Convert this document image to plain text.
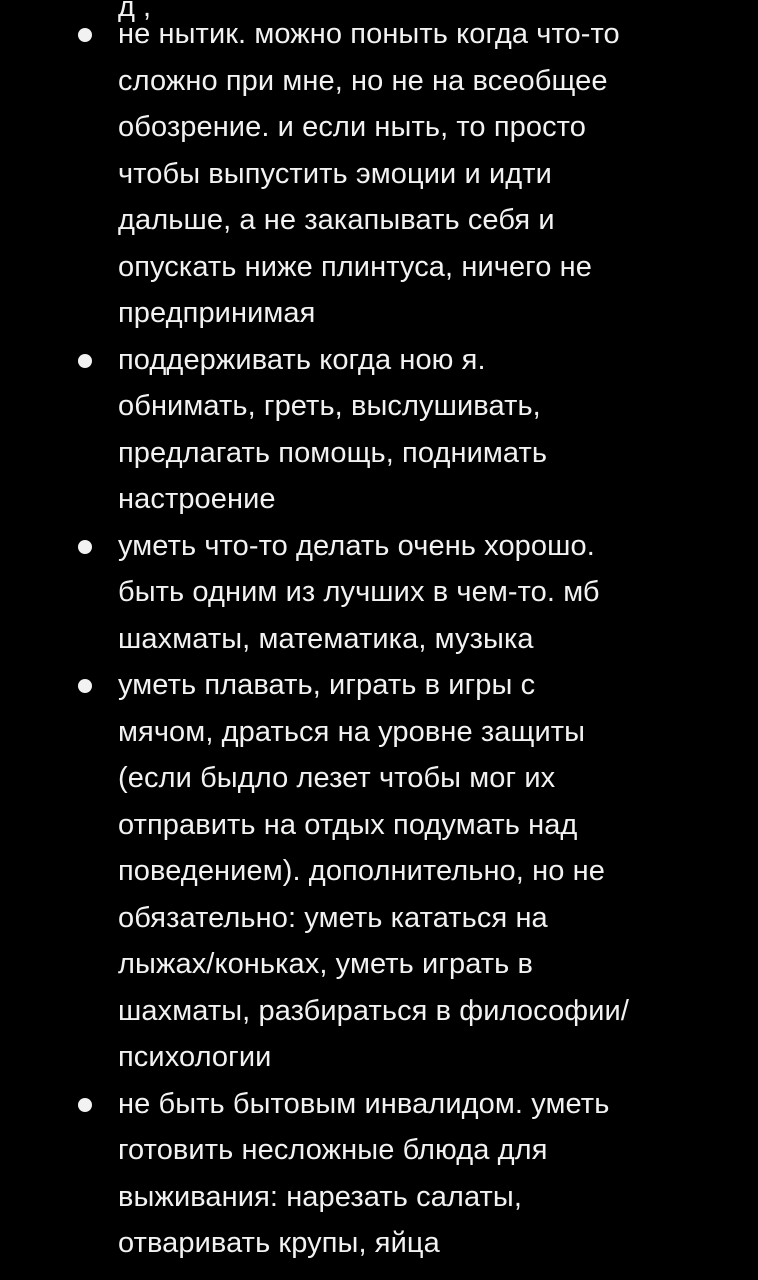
д ,
не нытик. можно поныть когда что-то
сложно при мне, но не на всеобщее
обозрение. и если ныть, то просто
чтобы выпустить эмоции и идти
дальше, а не закапывать себя и
опускать ниже плинтуса, ничего не
предпринимая
поддерживать когда ною я.
обнимать, греть, выслушивать,
предлагать помощь, поднимать
настроение
уметь что-то делать очень хорошо.
быть одним из лучших в чем-то. мб
шахматы, математика, музыка
уметь плавать, играть в игры с
мячом, драться на уровне защиты
(если быдло лезет чтобы мог их
отправить на отдых подумать над
поведением). дополнительно, но не
обязательно: уметь кататься на
лыжах/коньках, уметь играть в
шахматы, разбираться в философии/
психологии
не быть бытовым инвалидом. уметь
готовить несложные блюда для
выживания: нарезать салаты,
отваривать крупы, яйца
